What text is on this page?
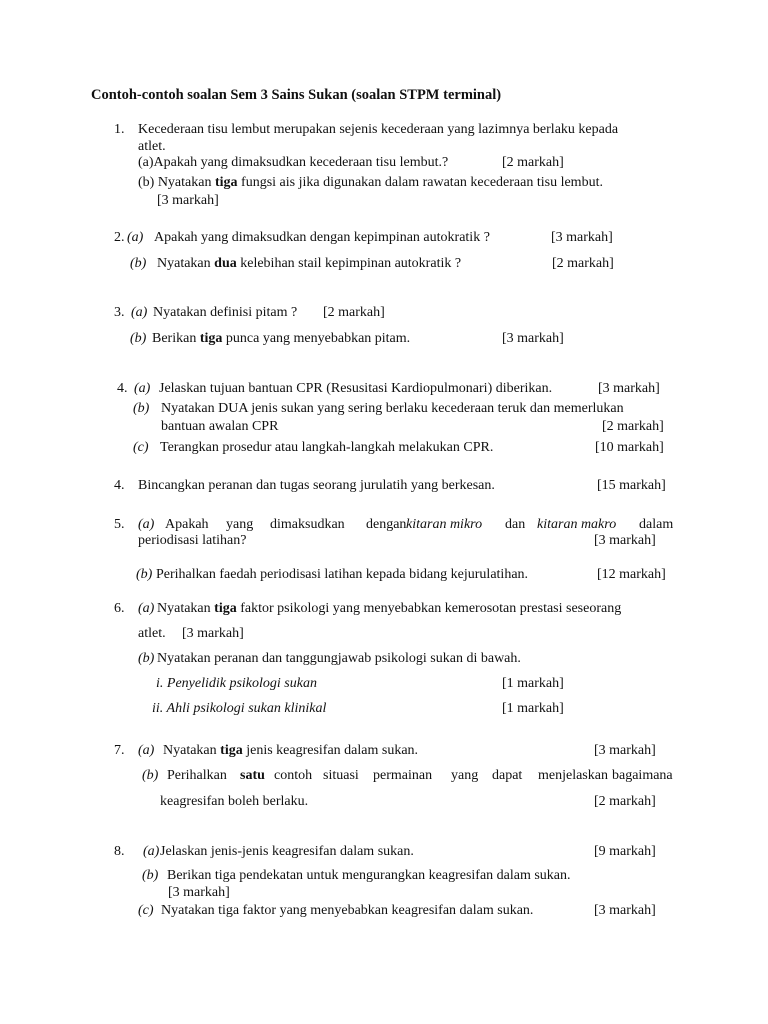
Contoh-contoh soalan Sem 3 Sains Sukan (soalan STPM terminal)
1. Kecederaan tisu lembut merupakan sejenis kecederaan yang lazimnya berlaku kepada
atlet.
(a)Apakah yang dimaksudkan kecederaan tisu lembut.?	[2 markah]
(b) Nyatakan tiga fungsi ais jika digunakan dalam rawatan kecederaan tisu lembut.
[3 markah]
2. (a) Apakah yang dimaksudkan dengan kepimpinan autokratik ?	[3 markah]
(b) Nyatakan dua kelebihan stail kepimpinan autokratik ?	[2 markah]
3. (a) Nyatakan definisi pitam ? [2 markah]
(b) Berikan tiga punca yang menyebabkan pitam.	[3 markah]
4. (a) Jelaskan tujuan bantuan CPR (Resusitasi Kardiopulmonari) diberikan.	[3 markah]
(b) Nyatakan DUA jenis sukan yang sering berlaku kecederaan teruk dan memerlukan
bantuan awalan CPR	[2 markah]
(c) Terangkan prosedur atau langkah-langkah melakukan CPR.	[10 markah]
4. Bincangkan peranan dan tugas seorang jurulatih yang berkesan.	[15 markah]
5. (a) Apakah yang dimaksudkan dengan kitaran mikro dan kitaran makro dalam
periodisasi latihan?	[3 markah]
(b) Perihalkan faedah periodisasi latihan kepada bidang kejurulatihan.	[12 markah]
6. (a) Nyatakan tiga faktor psikologi yang menyebabkan kemerosotan prestasi seseorang
atlet. [3 markah]
(b) Nyatakan peranan dan tanggungjawab psikologi sukan di bawah.
i. Penyelidik psikologi sukan	[1 markah]
ii. Ahli psikologi sukan klinikal	[1 markah]
7. (a) Nyatakan tiga jenis keagresifan dalam sukan.	[3 markah]
(b) Perihalkan satu contoh situasi permainan yang dapat menjelaskan bagaimana
keagresifan boleh berlaku.	[2 markah]
8. (a) Jelaskan jenis-jenis keagresifan dalam sukan.	[9 markah]
(b) Berikan tiga pendekatan untuk mengurangkan keagresifan dalam sukan.
[3 markah]
(c) Nyatakan tiga faktor yang menyebabkan keagresifan dalam sukan.	[3 markah]
